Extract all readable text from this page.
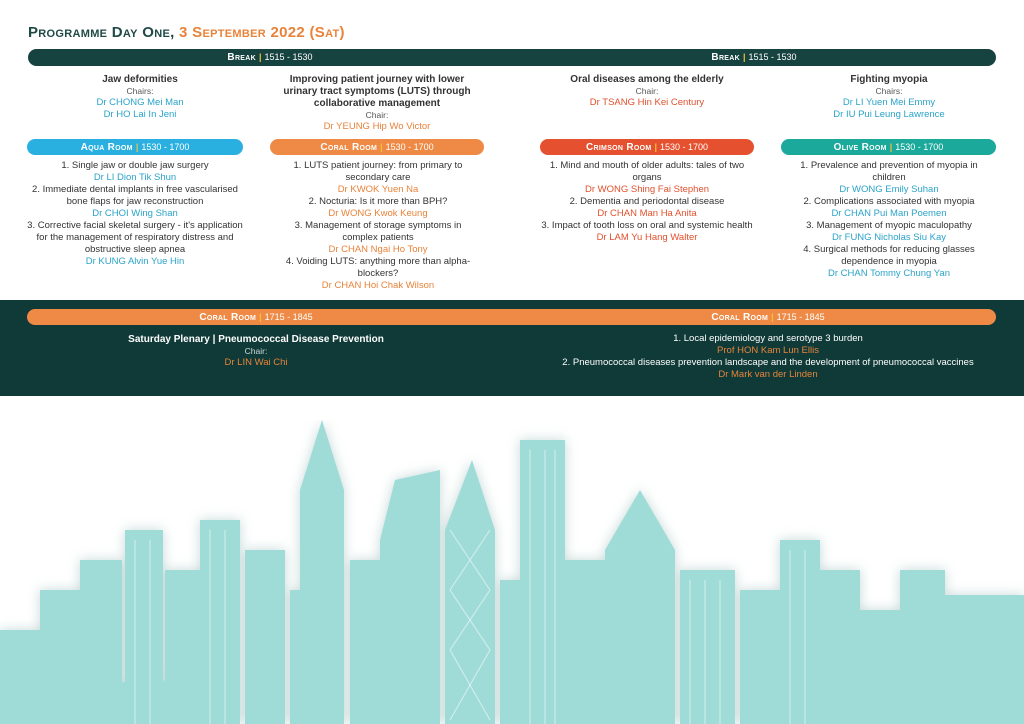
Programme Day One, 3 September 2022 (Sat)
Break | 1515 - 1530	Break | 1515 - 1530
Jaw deformities
Chairs:
Dr CHONG Mei Man
Dr HO Lai In Jeni
Aqua Room | 1530 - 1700
1. Single jaw or double jaw surgery
Dr LI Dion Tik Shun
2. Immediate dental implants in free vascularised bone flaps for jaw reconstruction
Dr CHOI Wing Shan
3. Corrective facial skeletal surgery - it's application for the management of respiratory distress and obstructive sleep apnea
Dr KUNG Alvin Yue Hin
Improving patient journey with lower urinary tract symptoms (LUTS) through collaborative management
Chair:
Dr YEUNG Hip Wo Victor
Coral Room | 1530 - 1700
1. LUTS patient journey: from primary to secondary care
Dr KWOK Yuen Na
2. Nocturia: Is it more than BPH?
Dr WONG Kwok Keung
3. Management of storage symptoms in complex patients
Dr CHAN Ngai Ho Tony
4. Voiding LUTS: anything more than alpha-blockers?
Dr CHAN Hoi Chak Wilson
Oral diseases among the elderly
Chair:
Dr TSANG Hin Kei Century
Crimson Room | 1530 - 1700
1. Mind and mouth of older adults: tales of two organs
Dr WONG Shing Fai Stephen
2. Dementia and periodontal disease
Dr CHAN Man Ha Anita
3. Impact of tooth loss on oral and systemic health
Dr LAM Yu Hang Walter
Fighting myopia
Chairs:
Dr LI Yuen Mei Emmy
Dr IU Pui Leung Lawrence
Olive Room | 1530 - 1700
1. Prevalence and prevention of myopia in children
Dr WONG Emily Suhan
2. Complications associated with myopia
Dr CHAN Pui Man Poemen
3. Management of myopic maculopathy
Dr FUNG Nicholas Siu Kay
4. Surgical methods for reducing glasses dependence in myopia
Dr CHAN Tommy Chung Yan
Coral Room | 1715 - 1845	Coral Room | 1715 - 1845
Saturday Plenary | Pneumococcal Disease Prevention
Chair:
Dr LIN Wai Chi
1. Local epidemiology and serotype 3 burden
Prof HON Kam Lun Ellis
2. Pneumococcal diseases prevention landscape and the development of pneumococcal vaccines
Dr Mark van der Linden
